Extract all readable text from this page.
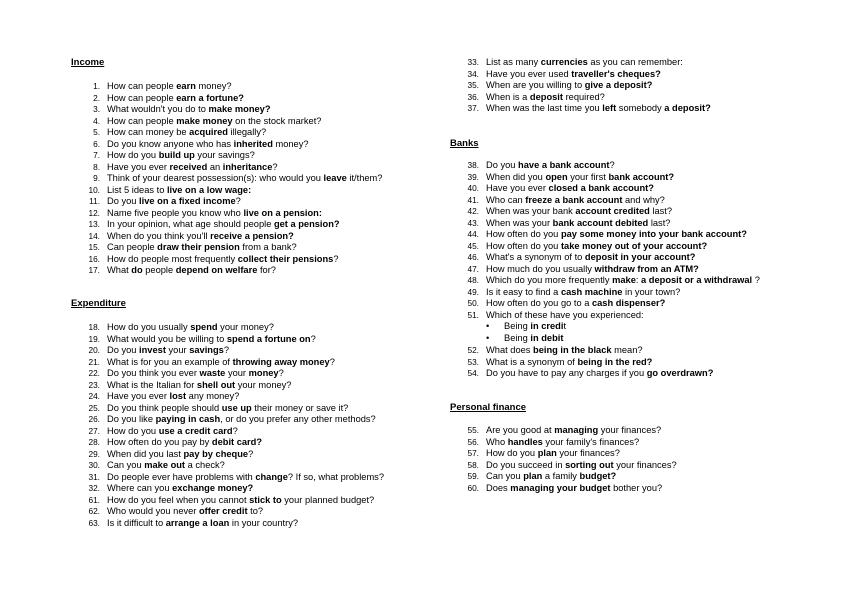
Income
1. How can people earn money?
2. How can people earn a fortune?
3. What wouldn't you do to make money?
4. How can people make money on the stock market?
5. How can money be acquired illegally?
6. Do you know anyone who has inherited money?
7. How do you build up your savings?
8. Have you ever received an inheritance?
9. Think of your dearest possession(s): who would you leave it/them?
10. List 5 ideas to live on a low wage:
11. Do you live on a fixed income?
12. Name five people you know who live on a pension:
13. In your opinion, what age should people get a pension?
14. When do you think you'll receive a pension?
15. Can people draw their pension from a bank?
16. How do people most frequently collect their pensions?
17. What do people depend on welfare for?
Expenditure
18. How do you usually spend your money?
19. What would you be willing to spend a fortune on?
20. Do you invest your savings?
21. What is for you an example of throwing away money?
22. Do you think you ever waste your money?
23. What is the Italian for shell out your money?
24. Have you ever lost any money?
25. Do you think people should use up their money or save it?
26. Do you like paying in cash, or do you prefer any other methods?
27. How do you use a credit card?
28. How often do you pay by debit card?
29. When did you last pay by cheque?
30. Can you make out a check?
31. Do people ever have problems with change? If so, what problems?
32. Where can you exchange money?
61. How do you feel when you cannot stick to your planned budget?
62. Who would you never offer credit to?
63. Is it difficult to arrange a loan in your country?
33. List as many currencies as you can remember:
34. Have you ever used traveller's cheques?
35. When are you willing to give a deposit?
36. When is a deposit required?
37. When was the last time you left somebody a deposit?
Banks
38. Do you have a bank account?
39. When did you open your first bank account?
40. Have you ever closed a bank account?
41. Who can freeze a bank account and why?
42. When was your bank account credited last?
43. When was your bank account debited last?
44. How often do you pay some money into your bank account?
45. How often do you take money out of your account?
46. What's a synonym of to deposit in your account?
47. How much do you usually withdraw from an ATM?
48. Which do you more frequently make: a deposit or a withdrawal ?
49. Is it easy to find a cash machine in your town?
50. How often do you go to a cash dispenser?
51. Which of these have you experienced:
• Being in credit
• Being in debit
52. What does being in the black mean?
53. What is a synonym of being in the red?
54. Do you have to pay any charges if you go overdrawn?
Personal finance
55. Are you good at managing your finances?
56. Who handles your family's finances?
57. How do you plan your finances?
58. Do you succeed in sorting out your finances?
59. Can you plan a family budget?
60. Does managing your budget bother you?
